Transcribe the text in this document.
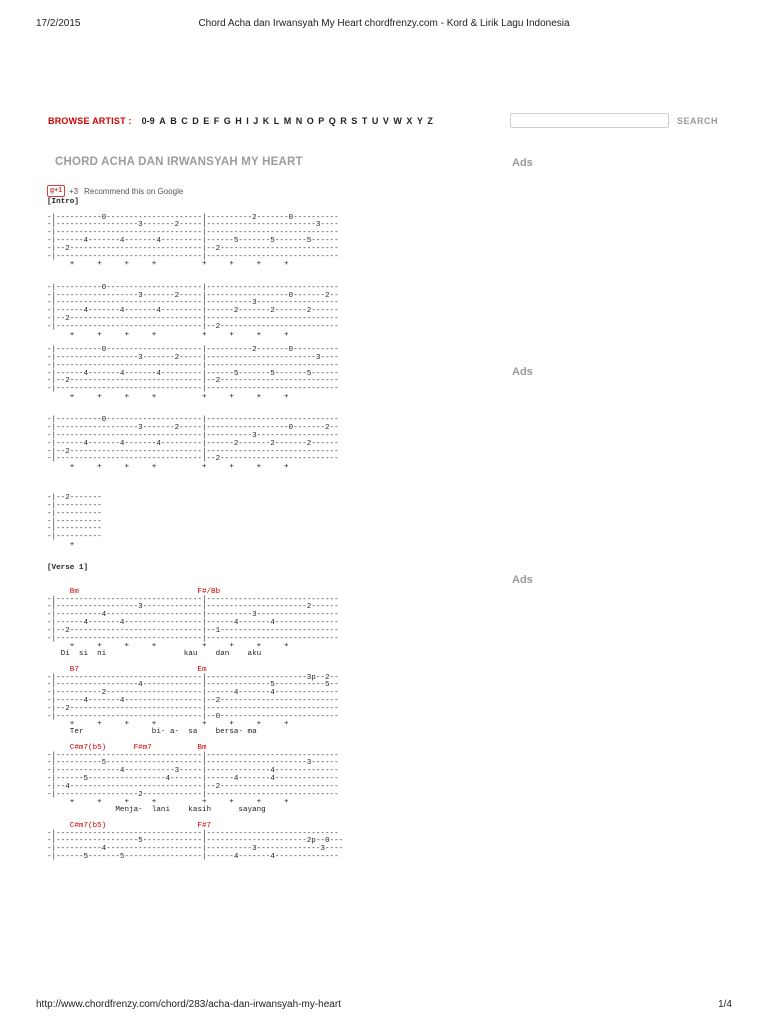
17/2/2015	Chord Acha dan Irwansyah My Heart chordfrenzy.com - Kord & Lirik Lagu Indonesia
BROWSE ARTIST : 0-9 A B C D E F G H I J K L M N O P Q R S T U V W X Y Z	SEARCH
CHORD ACHA DAN IRWANSYAH MY HEART	Ads
Ads
Ads
g+1 +3 Recommend this on Google
[Intro]
-|----------0---------------------|----------2-------0----------
-|------------------3-------2-----|------------------------3----
-|--------------------------------|-----------------------------
-|------4-------4-------4---------|------5-------5-------5------
-|--2-----------------------------|--2--------------------------
-|--------------------------------|-----------------------------
+     +     +     +          +     +     +     +
-|----------0---------------------|-----------------------------
-|------------------3-------2-----|------------------0-------2--
-|--------------------------------|----------3------------------
-|------4-------4-------4---------|------2-------2-------2------
-|--2-----------------------------|-----------------------------
-|--------------------------------|--2--------------------------
+     +     +     +          +     +     +     +
-|----------0---------------------|----------2-------0----------
-|------------------3-------2-----|------------------------3----
-|--------------------------------|-----------------------------
-|------4-------4-------4---------|------5-------5-------5------
-|--2-----------------------------|--2--------------------------
-|--------------------------------|-----------------------------
+     +     +     +          +     +     +     +
-|----------0---------------------|-----------------------------
-|------------------3-------2-----|------------------0-------2--
-|--------------------------------|----------3------------------
-|------4-------4-------4---------|------2-------2-------2------
-|--2-----------------------------|-----------------------------
-|--------------------------------|--2--------------------------
+     +     +     +          +     +     +     +
-|--2-------
-|----------
-|----------
-|----------
-|----------
-|----------
+
[Verse 1]
Bm                          F#/Bb
-|--------------------------------|-----------------------------
-|------------------3-------------|----------------------2------
-|----------4---------------------|----------3------------------
-|------4-------4-----------------|------4-------4--------------
-|--2-----------------------------|--1--------------------------
-|--------------------------------|-----------------------------
+     +     +     +          +     +     +     +
Di  si  ni                 kau    dan    aku
B7                          Em
-|--------------------------------|----------------------3p--2--
-|------------------4-------------|--------------5-----------5--
-|----------2---------------------|------4-------4--------------
-|------4-------4-----------------|--2--------------------------
-|--2-----------------------------|-----------------------------
-|--------------------------------|--0--------------------------
+     +     +     +          +     +     +     +
Ter               bi- a-  sa    bersa- ma
C#m7(b5)      F#m7          Bm
-|--------------------------------|-----------------------------
-|----------5---------------------|----------------------3------
-|--------------4-----------3-----|--------------4--------------
-|------5-----------------4-------|------4-------4--------------
-|--4-----------------------------|--2--------------------------
-|------------------2-------------|-----------------------------
+     +     +     +          +     +     +     +
Menja-  lani    kasih      sayang
C#m7(b5)                    F#7
-|--------------------------------|-----------------------------
-|------------------5-------------|----------------------2p--0---
-|----------4---------------------|----------3--------------3----
-|------5-------5-----------------|------4-------4--------------
http://www.chordfrenzy.com/chord/283/acha-dan-irwansyah-my-heart	1/4
